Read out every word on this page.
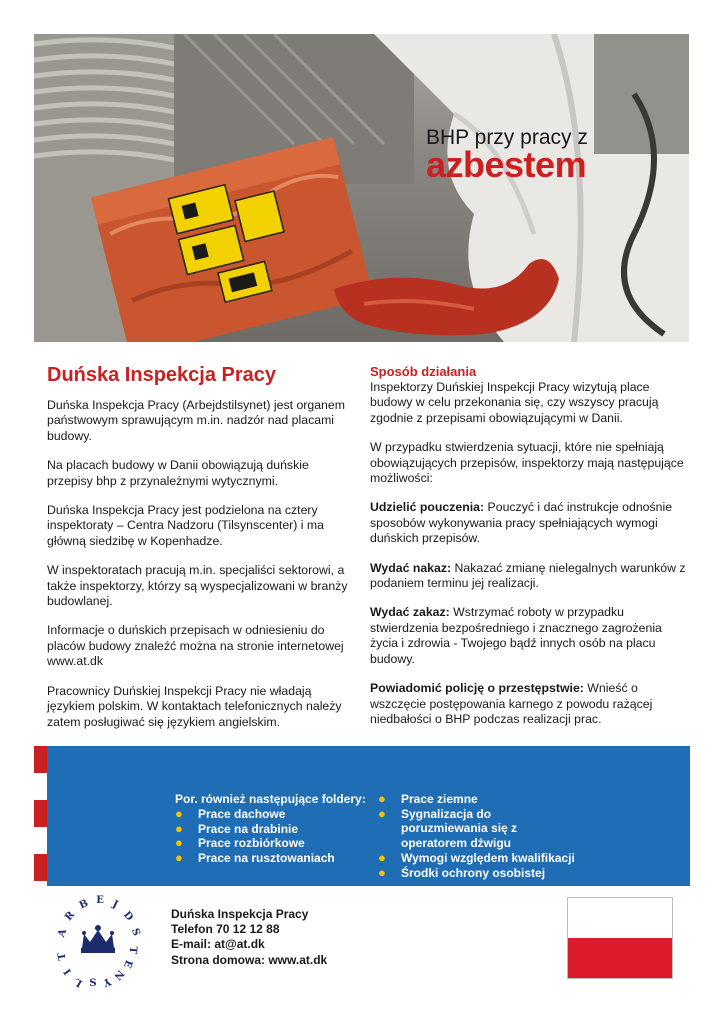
BHP przy pracy z
azbestem
Duńska Inspekcja Pracy

Duńska Inspekcja Pracy (Arbejdstilsynet) jest organem państwowym sprawującym m.in. nadzór nad placami budowy.

Na placach budowy w Danii obowiązują duńskie przepisy bhp z przynależnymi wytycznymi.

Duńska Inspekcja Pracy jest podzielona na cztery inspektoraty – Centra Nadzoru (Tilsynscenter) i ma główną siedzibę w Kopenhadze.

W inspektoratach pracują m.in. specjaliści sektorowi, a także inspektorzy, którzy są wyspecjalizowani w branży budowlanej.

Informacje o duńskich przepisach w odniesieniu do placów budowy znaleźć można na stronie internetowej www.at.dk

Pracownicy Duńskiej Inspekcji Pracy nie władają językiem polskim. W kontaktach telefonicznych należy zatem posługiwać się językiem angielskim.

Sposób działania

Inspektorzy Duńskiej Inspekcji Pracy wizytują place budowy w celu przekonania się, czy wszyscy pracują zgodnie z przepisami obowiązującymi w Danii.

W przypadku stwierdzenia sytuacji, które nie spełniają obowiązujących przepisów, inspektorzy mają następujące możliwości:

Udzielić pouczenia: Pouczyć i dać instrukcje odnośnie sposobów wykonywania pracy spełniających wymogi duńskich przepisów.

Wydać nakaz: Nakazać zmianę nielegalnych warunków z podaniem terminu jej realizacji.

Wydać zakaz: Wstrzymać roboty w przypadku stwierdzenia bezpośredniego i znacznego zagrożenia życia i zdrowia - Twojego bądź innych osób na placu budowy.

Powiadomić policję o przestępstwie: Wnieść o wszczęcie postępowania karnego z powodu rażącej niedbałości o BHP podczas realizacji prac.

Por. również następujące foldery:
● Prace dachowe
● Prace na drabinie
● Prace rozbiórkowe
● Prace na rusztowaniach
● Prace ziemne
● Sygnalizacja do poruzmiewania się z operatorem dźwigu
● Wymogi względem kwalifikacji
● Środki ochrony osobistej
A
R
B E J
D
S
T
I
L S Y N
E
T
Duńska Inspekcja Pracy
Telefon 70 12 12 88
E-mail: at@at.dk
Strona domowa: www.at.dk
